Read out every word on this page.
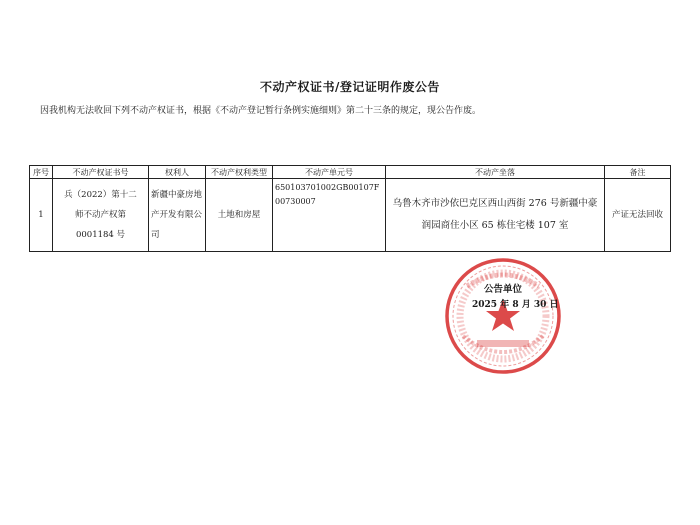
不动产权证书/登记证明作废公告
因我机构无法收回下列不动产权证书，根据《不动产登记暂行条例实施细则》第二十三条的规定，现公告作废。
序号	不动产权证书号	权利人	不动产权利类型	不动产单元号	不动产坐落	备注
1	兵（2022）第十二
师不动产权第
0001184 号	新疆中豪房地产开发有限公司	土地和房屋	650103701002GB00107F00730007	乌鲁木齐市沙依巴克区西山西街 276 号新疆中豪润园商住小区 65 栋住宅楼 107 室	产证无法回收
公告单位
2025 年 8 月 30 日
